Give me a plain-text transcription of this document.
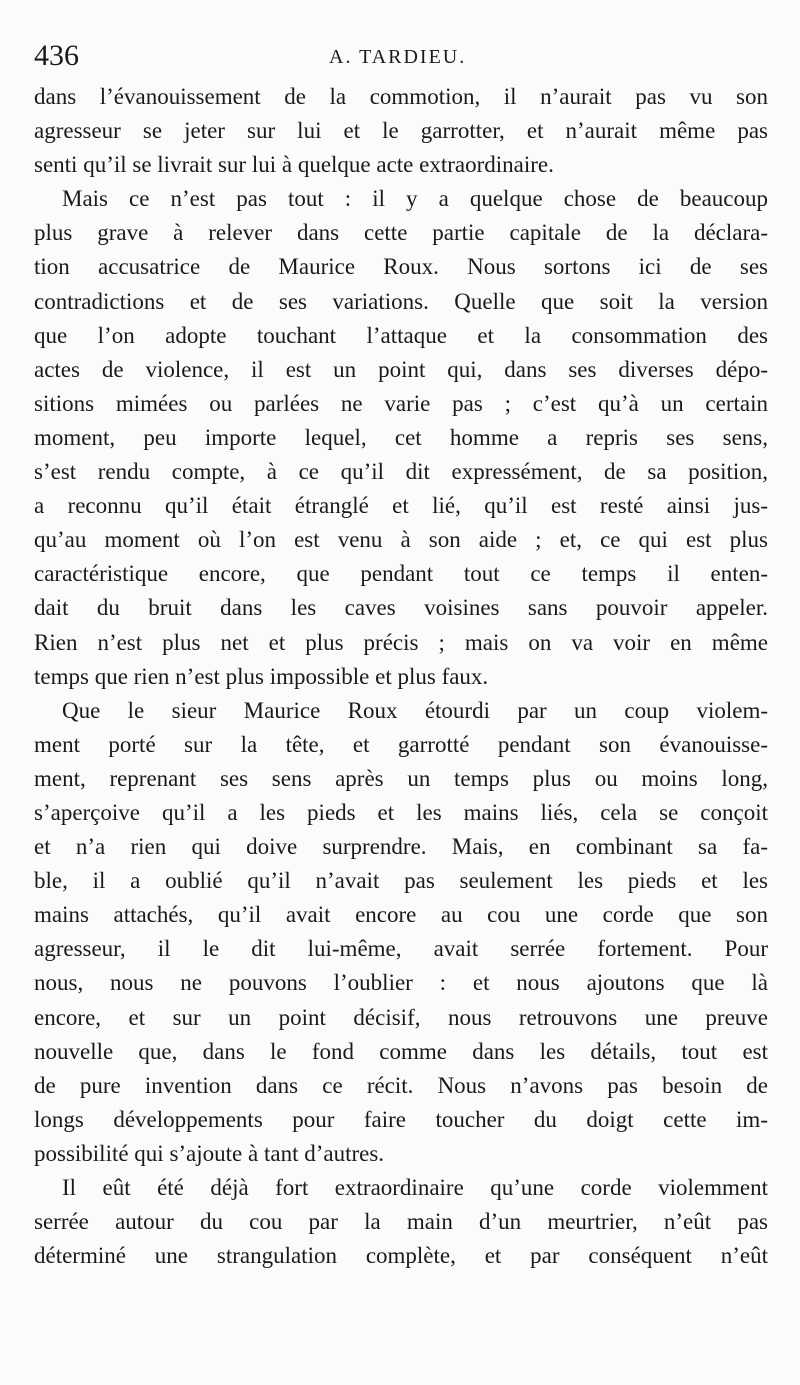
436	A. TARDIEU.
dans l’évanouissement de la commotion, il n’aurait pas vu son
agresseur se jeter sur lui et le garrotter, et n’aurait même pas
senti qu’il se livrait sur lui à quelque acte extraordinaire.
Mais ce n’est pas tout : il y a quelque chose de beaucoup
plus grave à relever dans cette partie capitale de la déclara-
tion accusatrice de Maurice Roux. Nous sortons ici de ses
contradictions et de ses variations. Quelle que soit la version
que l’on adopte touchant l’attaque et la consommation des
actes de violence, il est un point qui, dans ses diverses dépo-
sitions mimées ou parlées ne varie pas ; c’est qu’à un certain
moment, peu importe lequel, cet homme a repris ses sens,
s’est rendu compte, à ce qu’il dit expressément, de sa position,
a reconnu qu’il était étranglé et lié, qu’il est resté ainsi jus-
qu’au moment où l’on est venu à son aide ; et, ce qui est plus
caractéristique encore, que pendant tout ce temps il enten-
dait du bruit dans les caves voisines sans pouvoir appeler.
Rien n’est plus net et plus précis ; mais on va voir en même
temps que rien n’est plus impossible et plus faux.
Que le sieur Maurice Roux étourdi par un coup violem-
ment porté sur la tête, et garrotté pendant son évanouisse-
ment, reprenant ses sens après un temps plus ou moins long,
s’aperçoive qu’il a les pieds et les mains liés, cela se conçoit
et n’a rien qui doive surprendre. Mais, en combinant sa fa-
ble, il a oublié qu’il n’avait pas seulement les pieds et les
mains attachés, qu’il avait encore au cou une corde que son
agresseur, il le dit lui-même, avait serrée fortement. Pour
nous, nous ne pouvons l’oublier : et nous ajoutons que là
encore, et sur un point décisif, nous retrouvons une preuve
nouvelle que, dans le fond comme dans les détails, tout est
de pure invention dans ce récit. Nous n’avons pas besoin de
longs développements pour faire toucher du doigt cette im-
possibilité qui s’ajoute à tant d’autres.
Il eût été déjà fort extraordinaire qu’une corde violemment
serrée autour du cou par la main d’un meurtrier, n’eût pas
déterminé une strangulation complète, et par conséquent n’eût
